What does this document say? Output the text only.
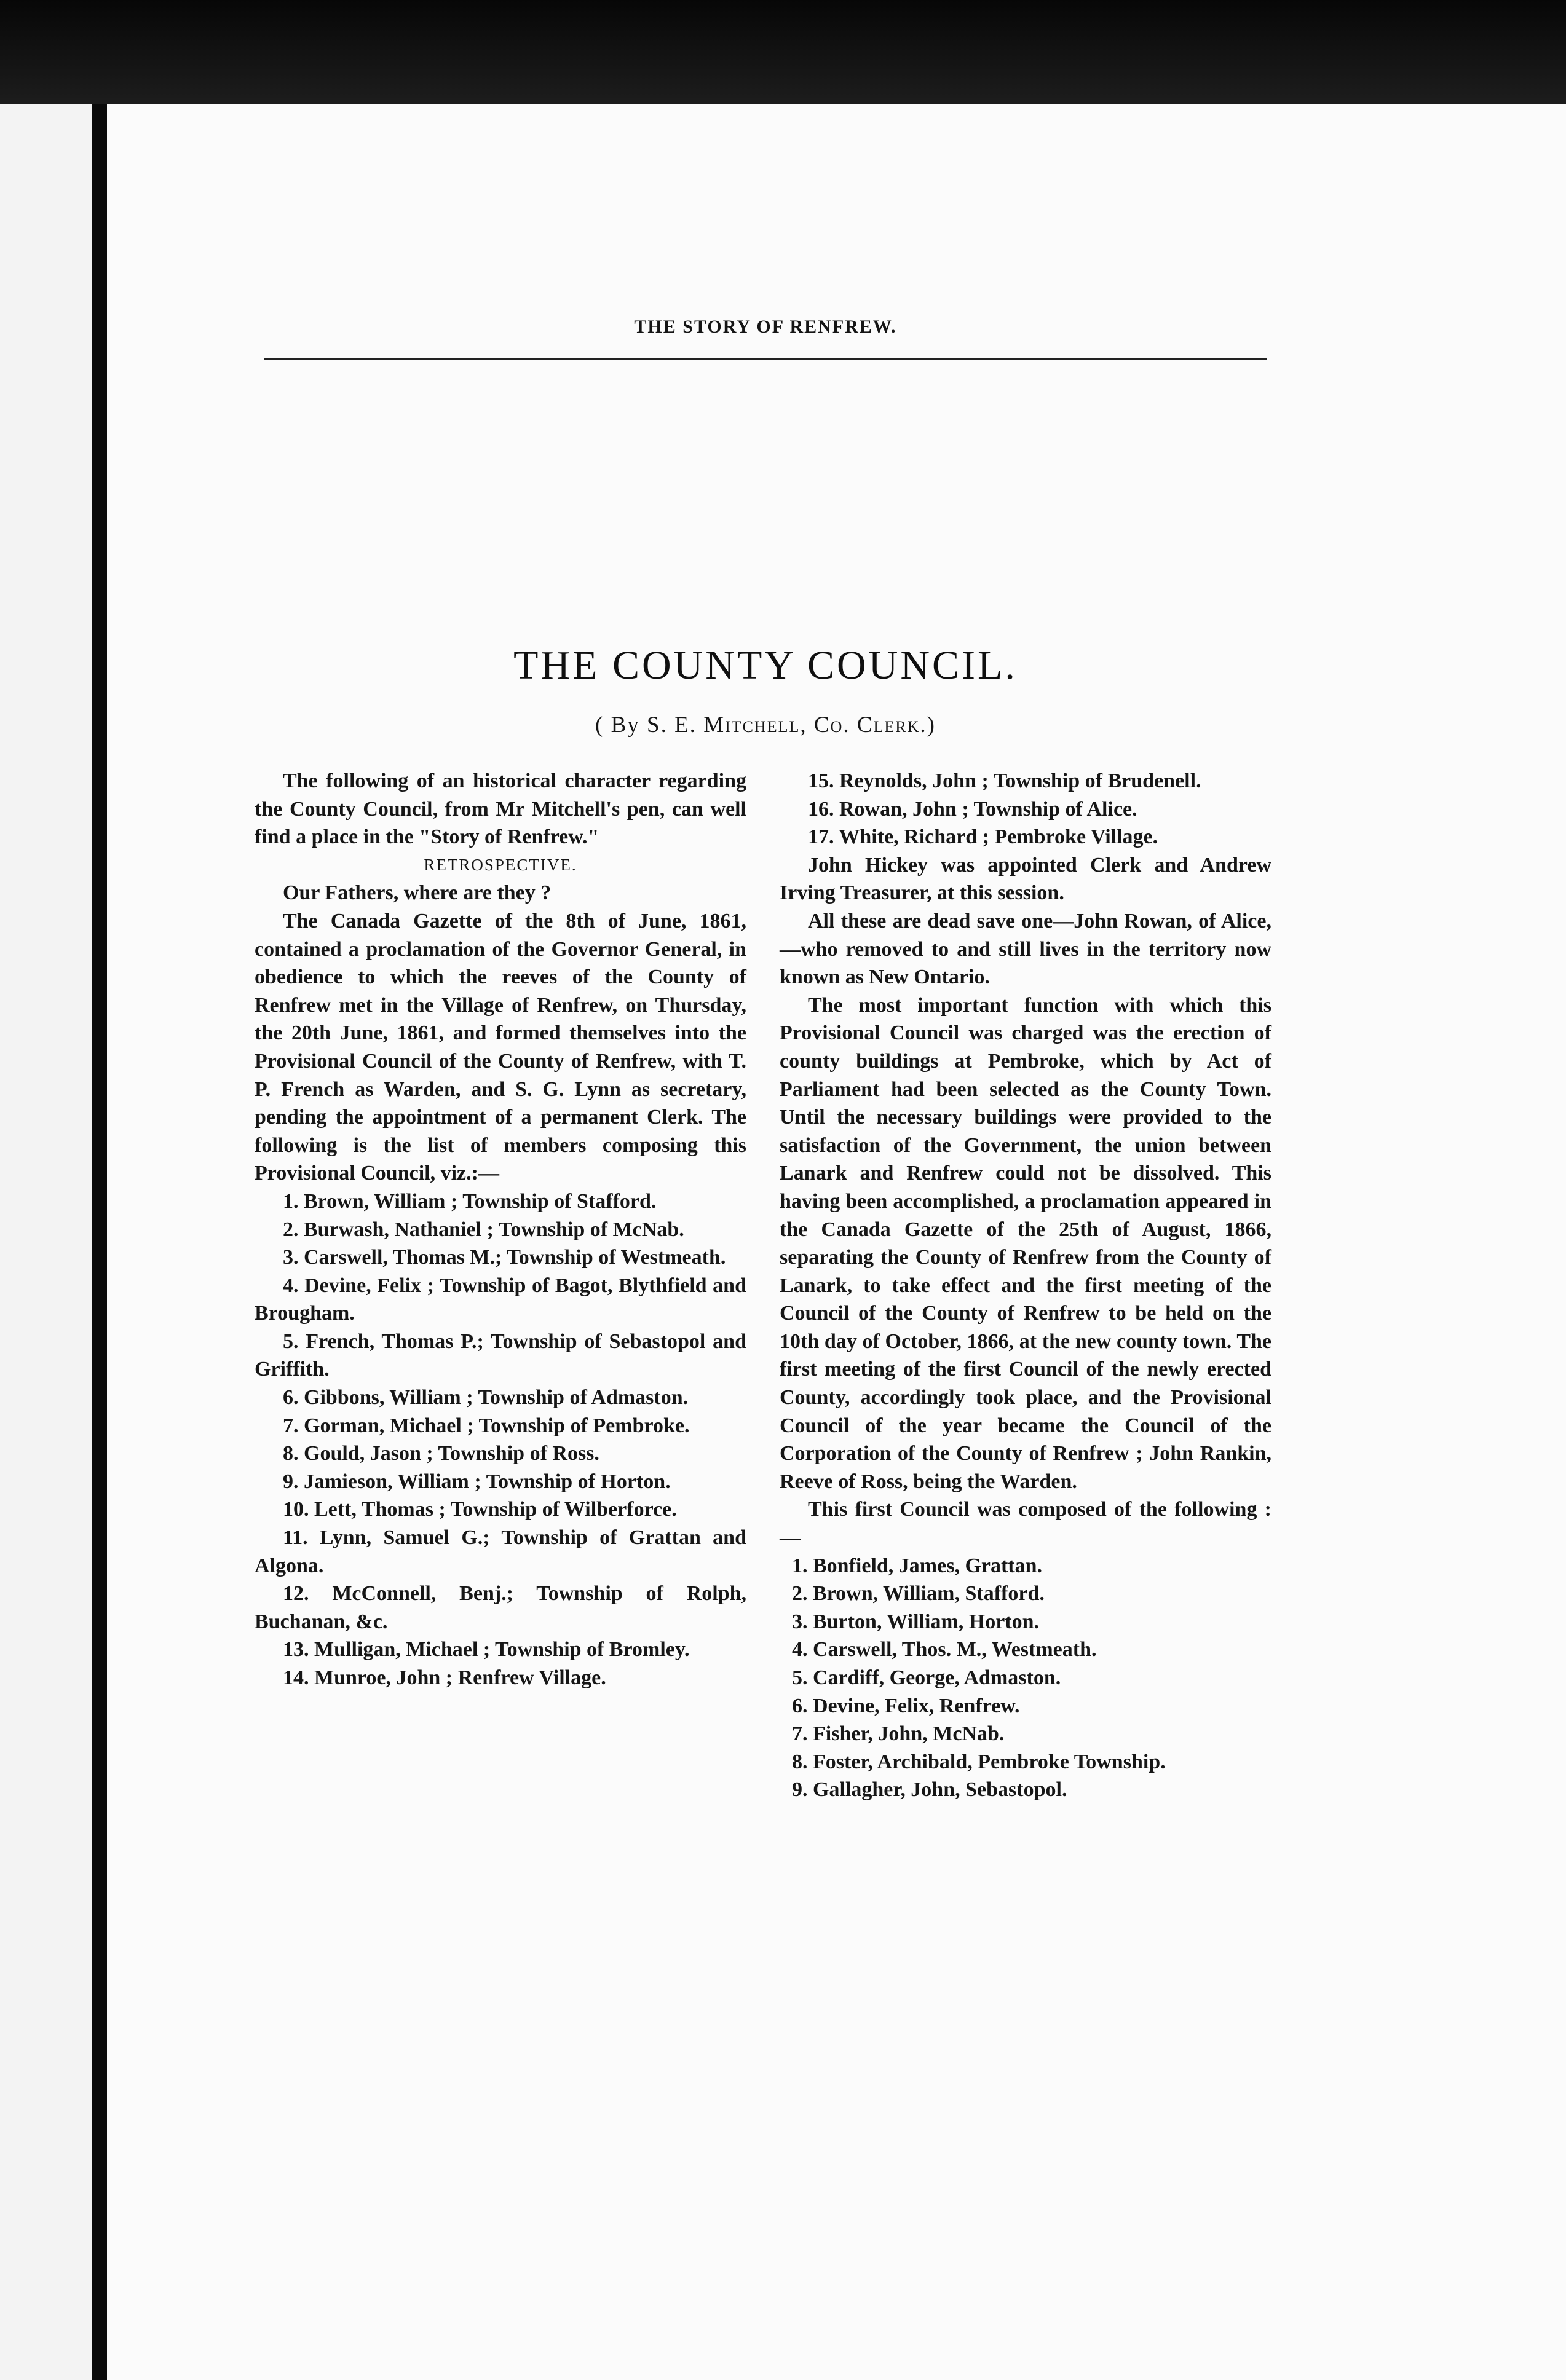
THE STORY OF RENFREW.
THE COUNTY COUNCIL.
( By S. E. Mitchell, Co. Clerk.)

The following of an historical character regarding the County Council, from Mr Mitchell's pen, can well find a place in the "Story of Renfrew."

RETROSPECTIVE.

Our Fathers, where are they ?

The Canada Gazette of the 8th of June, 1861, contained a proclamation of the Governor General, in obedience to which the reeves of the County of Renfrew met in the Village of Renfrew, on Thursday, the 20th June, 1861, and formed themselves into the Provisional Council of the County of Renfrew, with T. P. French as Warden, and S. G. Lynn as secretary, pending the appointment of a permanent Clerk. The following is the list of members composing this Provisional Council, viz.:—

1. Brown, William ; Township of Stafford.

2. Burwash, Nathaniel ; Township of McNab.

3. Carswell, Thomas M.; Township of Westmeath.

4. Devine, Felix ; Township of Bagot, Blythfield and Brougham.

5. French, Thomas P.; Township of Sebastopol and Griffith.

6. Gibbons, William ; Township of Admaston.

7. Gorman, Michael ; Township of Pembroke.

8. Gould, Jason ; Township of Ross.

9. Jamieson, William ; Township of Horton.

10. Lett, Thomas ; Township of Wilberforce.

11. Lynn, Samuel G.; Township of Grattan and Algona.

12. McConnell, Benj.; Township of Rolph, Buchanan, &c.

13. Mulligan, Michael ; Township of Bromley.

14. Munroe, John ; Renfrew Village.

15. Reynolds, John ; Township of Brudenell.

16. Rowan, John ; Township of Alice.

17. White, Richard ; Pembroke Village.

John Hickey was appointed Clerk and Andrew Irving Treasurer, at this session.

All these are dead save one—John Rowan, of Alice,—who removed to and still lives in the territory now known as New Ontario.

The most important function with which this Provisional Council was charged was the erection of county buildings at Pembroke, which by Act of Parliament had been selected as the County Town. Until the necessary buildings were provided to the satisfaction of the Government, the union between Lanark and Renfrew could not be dissolved. This having been accomplished, a proclamation appeared in the Canada Gazette of the 25th of August, 1866, separating the County of Renfrew from the County of Lanark, to take effect and the first meeting of the Council of the County of Renfrew to be held on the 10th day of October, 1866, at the new county town. The first meeting of the first Council of the newly erected County, accordingly took place, and the Provisional Council of the year became the Council of the Corporation of the County of Renfrew ; John Rankin, Reeve of Ross, being the Warden.

This first Council was composed of the following :—

1. Bonfield, James, Grattan.

2. Brown, William, Stafford.

3. Burton, William, Horton.

4. Carswell, Thos. M., Westmeath.

5. Cardiff, George, Admaston.

6. Devine, Felix, Renfrew.

7. Fisher, John, McNab.

8. Foster, Archibald, Pembroke Township.

9. Gallagher, John, Sebastopol.
